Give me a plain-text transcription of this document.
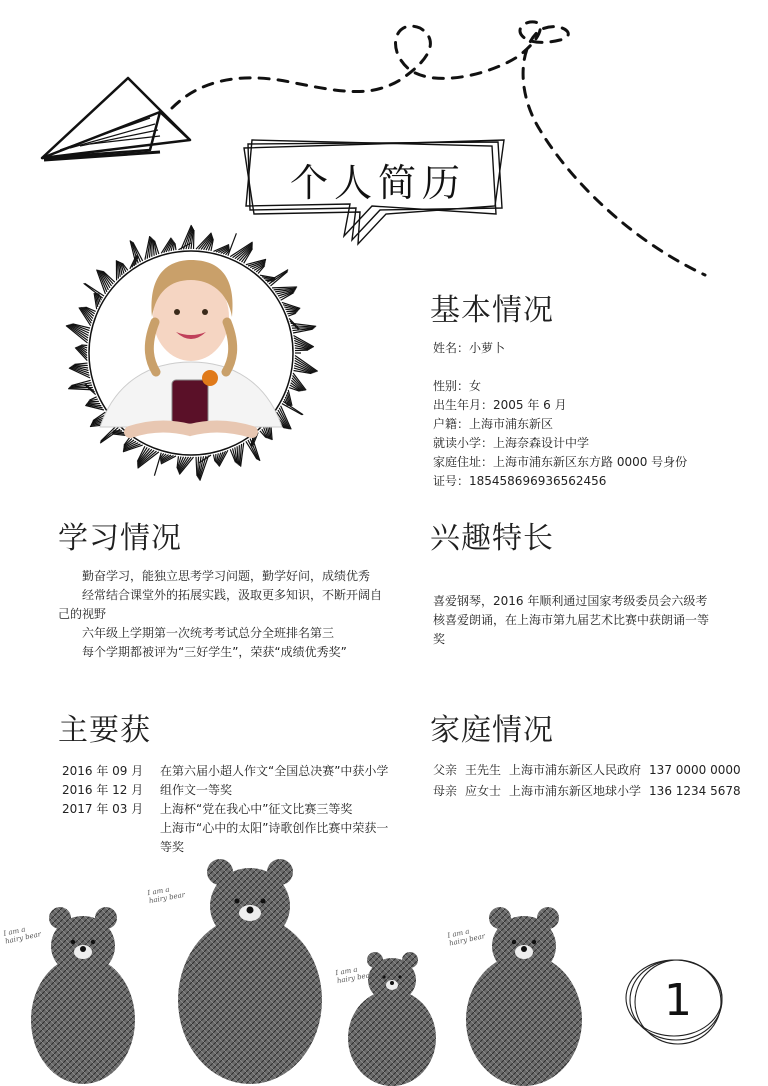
个人简历
基本情况
姓名：小萝卜
性别：女
出生年月：2005 年 6 月
户籍：上海市浦东新区
就读小学：上海奈森设计中学
家庭住址：上海市浦东新区东方路 0000 号身份
证号：185458696936562456
学习情况

勤奋学习，能独立思考学习问题，勤学好问，成绩优秀

经常结合课堂外的拓展实践，汲取更多知识，不断开阔自己的视野

六年级上学期第一次统考考试总分全班排名第三

每个学期都被评为“三好学生”，荣获“成绩优秀奖”

兴趣特长
喜爱钢琴，2016 年顺利通过国家考级委员会六级考核喜爱朗诵，在上海市第九届艺术比赛中获朗诵一等奖
主要获
2016 年 09 月
2016 年 12 月
2017 年 03 月
在第六届小超人作文“全国总决赛”中获小学组作文一等奖
上海杯“党在我心中”征文比赛三等奖
上海市“心中的太阳”诗歌创作比赛中荣获一等奖
家庭情况
父亲 王先生 上海市浦东新区人民政府 137 0000 0000
母亲 应女士 上海市浦东新区地球小学 136 1234 5678
I am a
hairy bear
I am a
hairy bear
I am a
hairy bear
I am a
hairy bear
1
